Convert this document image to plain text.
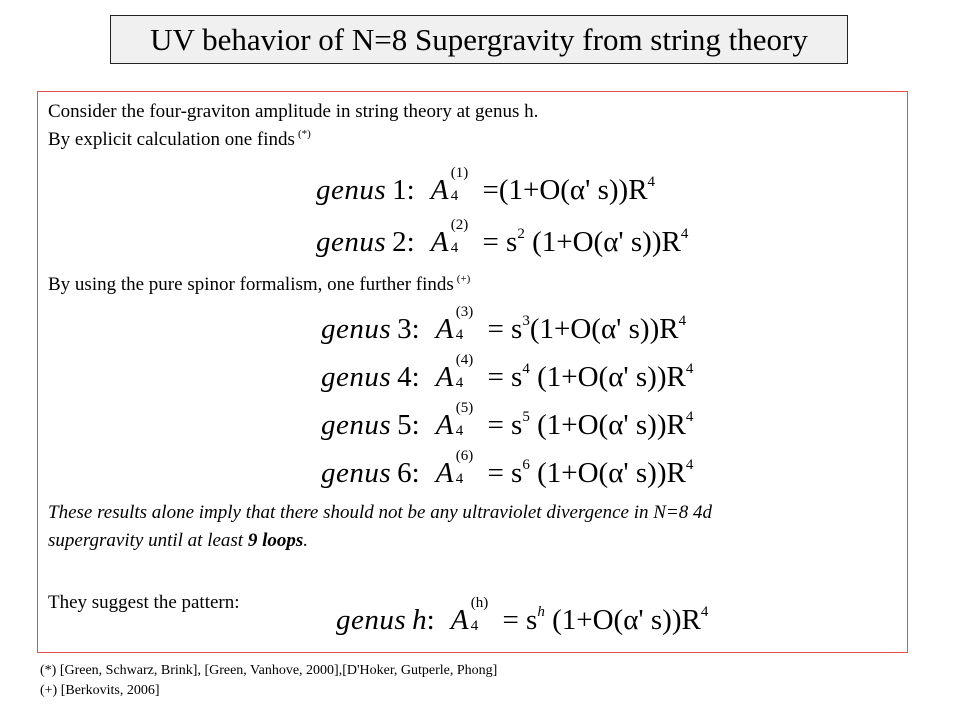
UV behavior of N=8 Supergravity from string theory
Consider the four-graviton amplitude in string theory at genus h.
By explicit calculation one finds (*)
genus 1: A
(1)
4 =(1+O(α' $s))R^4$
genus 2: A
(2)
$4 = s^2$ (1+O(α' $s))R^4$
By using the pure spinor formalism, one further finds (+)
genus 3: A
(3)
$4 = s^3(1+O(\alpha'$ $s))R^4$
genus 4: A
(4)
$4 = s^4$ (1+O(α' $s))R^4$
genus 5: A
(5)
$4 = s^5$ (1+O(α' $s))R^4$
genus 6: A
(6)
$4 = s^6$ (1+O(α' $s))R^4$
These results alone imply that there should not be any ultraviolet divergence in N=8 4d
supergravity until at least 9 loops.
They suggest the pattern:
genus h: A
(h)
$4 = s^h$ (1+O(α' $s))R^4$
(*) [Green, Schwarz, Brink], [Green, Vanhove, 2000],[D'Hoker, Gutperle, Phong]
(+) [Berkovits, 2006]
